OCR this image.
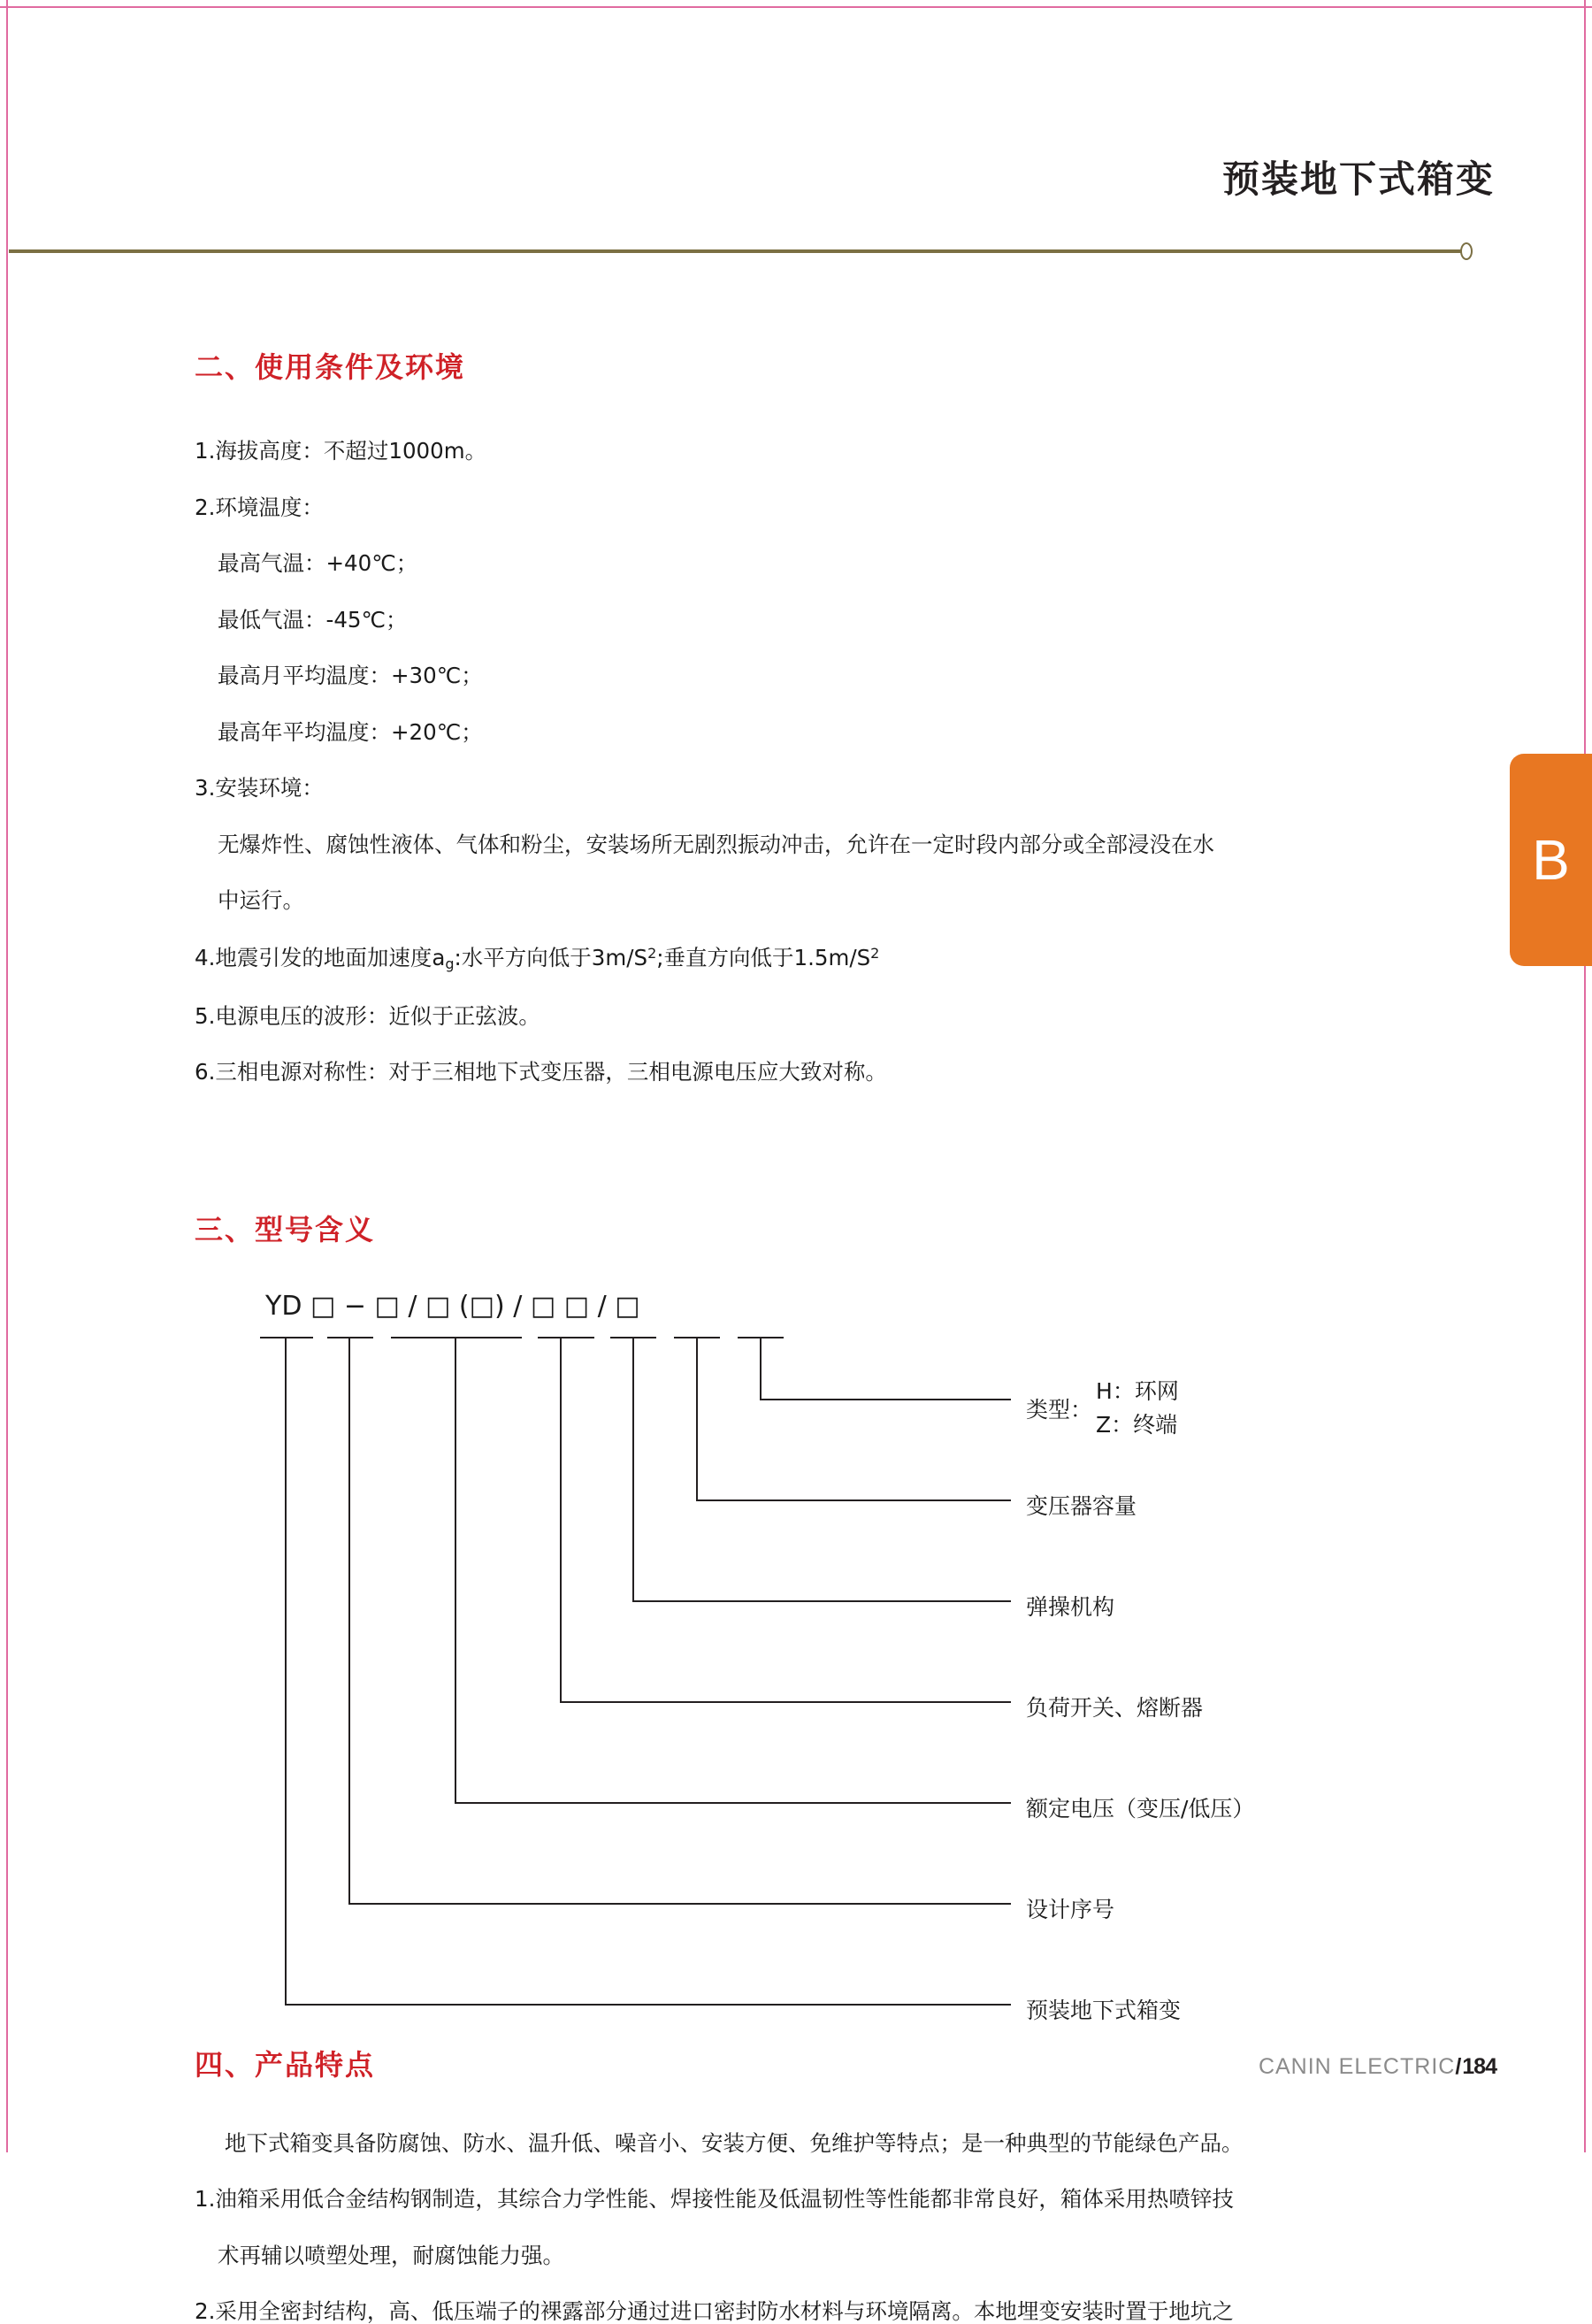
预装地下式箱变
B
二、使用条件及环境
1.海拔高度：不超过1000m。
2.环境温度：
最高气温：+40℃；
最低气温：-45℃；
最高月平均温度：+30℃；
最高年平均温度：+20℃；
3.安装环境：
无爆炸性、腐蚀性液体、气体和粉尘，安装场所无剧烈振动冲击，允许在一定时段内部分或全部浸没在水
中运行。
4.地震引发的地面加速度$a_g$:水平方向低于$3m/S^2$;垂直方向低于$1.5m/S^2$
5.电源电压的波形：近似于正弦波。
6.三相电源对称性：对于三相地下式变压器，三相电源电压应大致对称。
三、型号含义
YD □ − □ / □ (□) / □ □ / □
类型：
H：环网
Z：终端
变压器容量
弹操机构
负荷开关、熔断器
额定电压（变压/低压）
设计序号
预装地下式箱变
四、产品特点
地下式箱变具备防腐蚀、防水、温升低、噪音小、安装方便、免维护等特点；是一种典型的节能绿色产品。
1.油箱采用低合金结构钢制造，其综合力学性能、焊接性能及低温韧性等性能都非常良好，箱体采用热喷锌技
术再辅以喷塑处理，耐腐蚀能力强。
2.采用全密封结构，高、低压端子的裸露部分通过进口密封防水材料与环境隔离。本地埋变安装时置于地坑之
CANIN ELECTRIC/184
